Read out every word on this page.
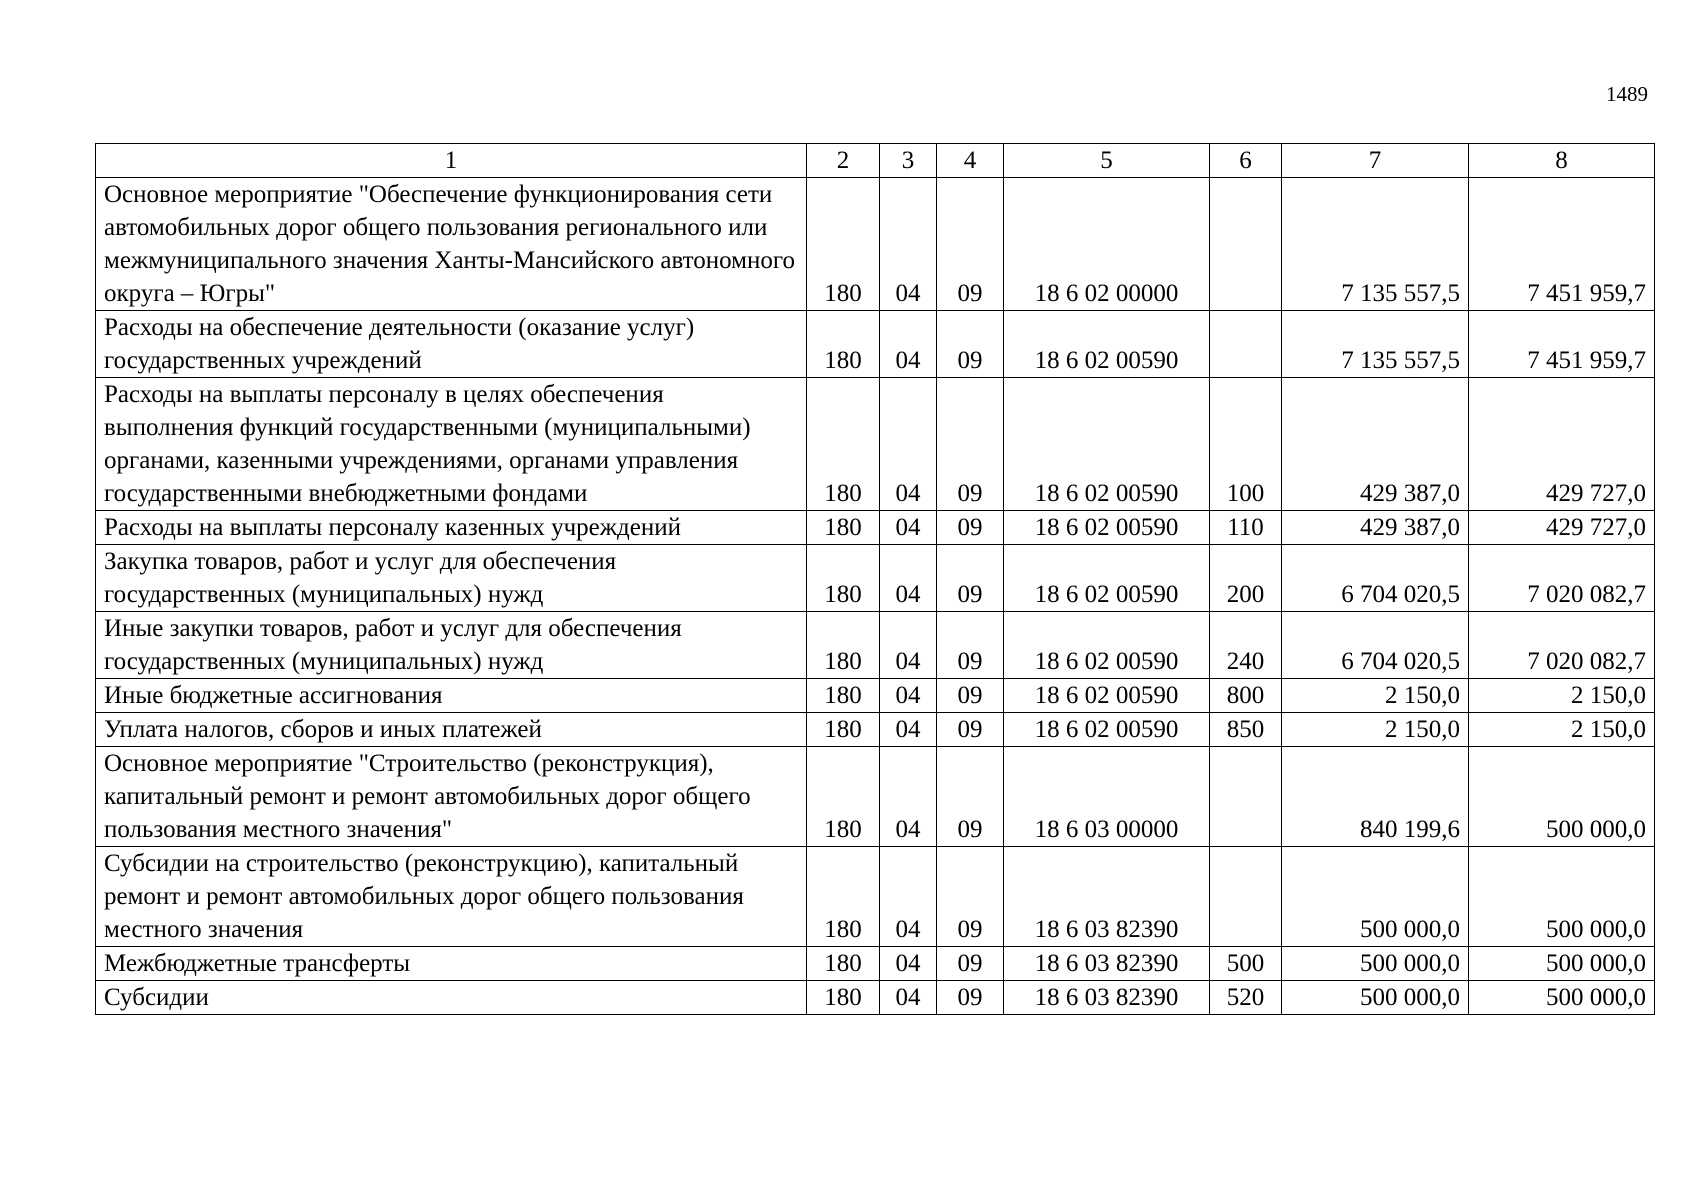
1489
1	2	3	4	5	6	7	8
Основное мероприятие "Обеспечение функционирования сети автомобильных дорог общего пользования регионального или межмуниципального значения Ханты-Мансийского автономного округа – Югры"	180	04	09	18 6 02 00000		7 135 557,5	7 451 959,7
Расходы на обеспечение деятельности (оказание услуг) государственных учреждений	180	04	09	18 6 02 00590		7 135 557,5	7 451 959,7
Расходы на выплаты персоналу в целях обеспечения выполнения функций государственными (муниципальными) органами, казенными учреждениями, органами управления государственными внебюджетными фондами	180	04	09	18 6 02 00590	100	429 387,0	429 727,0
Расходы на выплаты персоналу казенных учреждений	180	04	09	18 6 02 00590	110	429 387,0	429 727,0
Закупка товаров, работ и услуг для обеспечения государственных (муниципальных) нужд	180	04	09	18 6 02 00590	200	6 704 020,5	7 020 082,7
Иные закупки товаров, работ и услуг для обеспечения государственных (муниципальных) нужд	180	04	09	18 6 02 00590	240	6 704 020,5	7 020 082,7
Иные бюджетные ассигнования	180	04	09	18 6 02 00590	800	2 150,0	2 150,0
Уплата налогов, сборов и иных платежей	180	04	09	18 6 02 00590	850	2 150,0	2 150,0
Основное мероприятие "Строительство (реконструкция), капитальный ремонт и ремонт автомобильных дорог общего пользования местного значения"	180	04	09	18 6 03 00000		840 199,6	500 000,0
Субсидии на строительство (реконструкцию), капитальный ремонт и ремонт автомобильных дорог общего пользования местного значения	180	04	09	18 6 03 82390		500 000,0	500 000,0
Межбюджетные трансферты	180	04	09	18 6 03 82390	500	500 000,0	500 000,0
Субсидии	180	04	09	18 6 03 82390	520	500 000,0	500 000,0
